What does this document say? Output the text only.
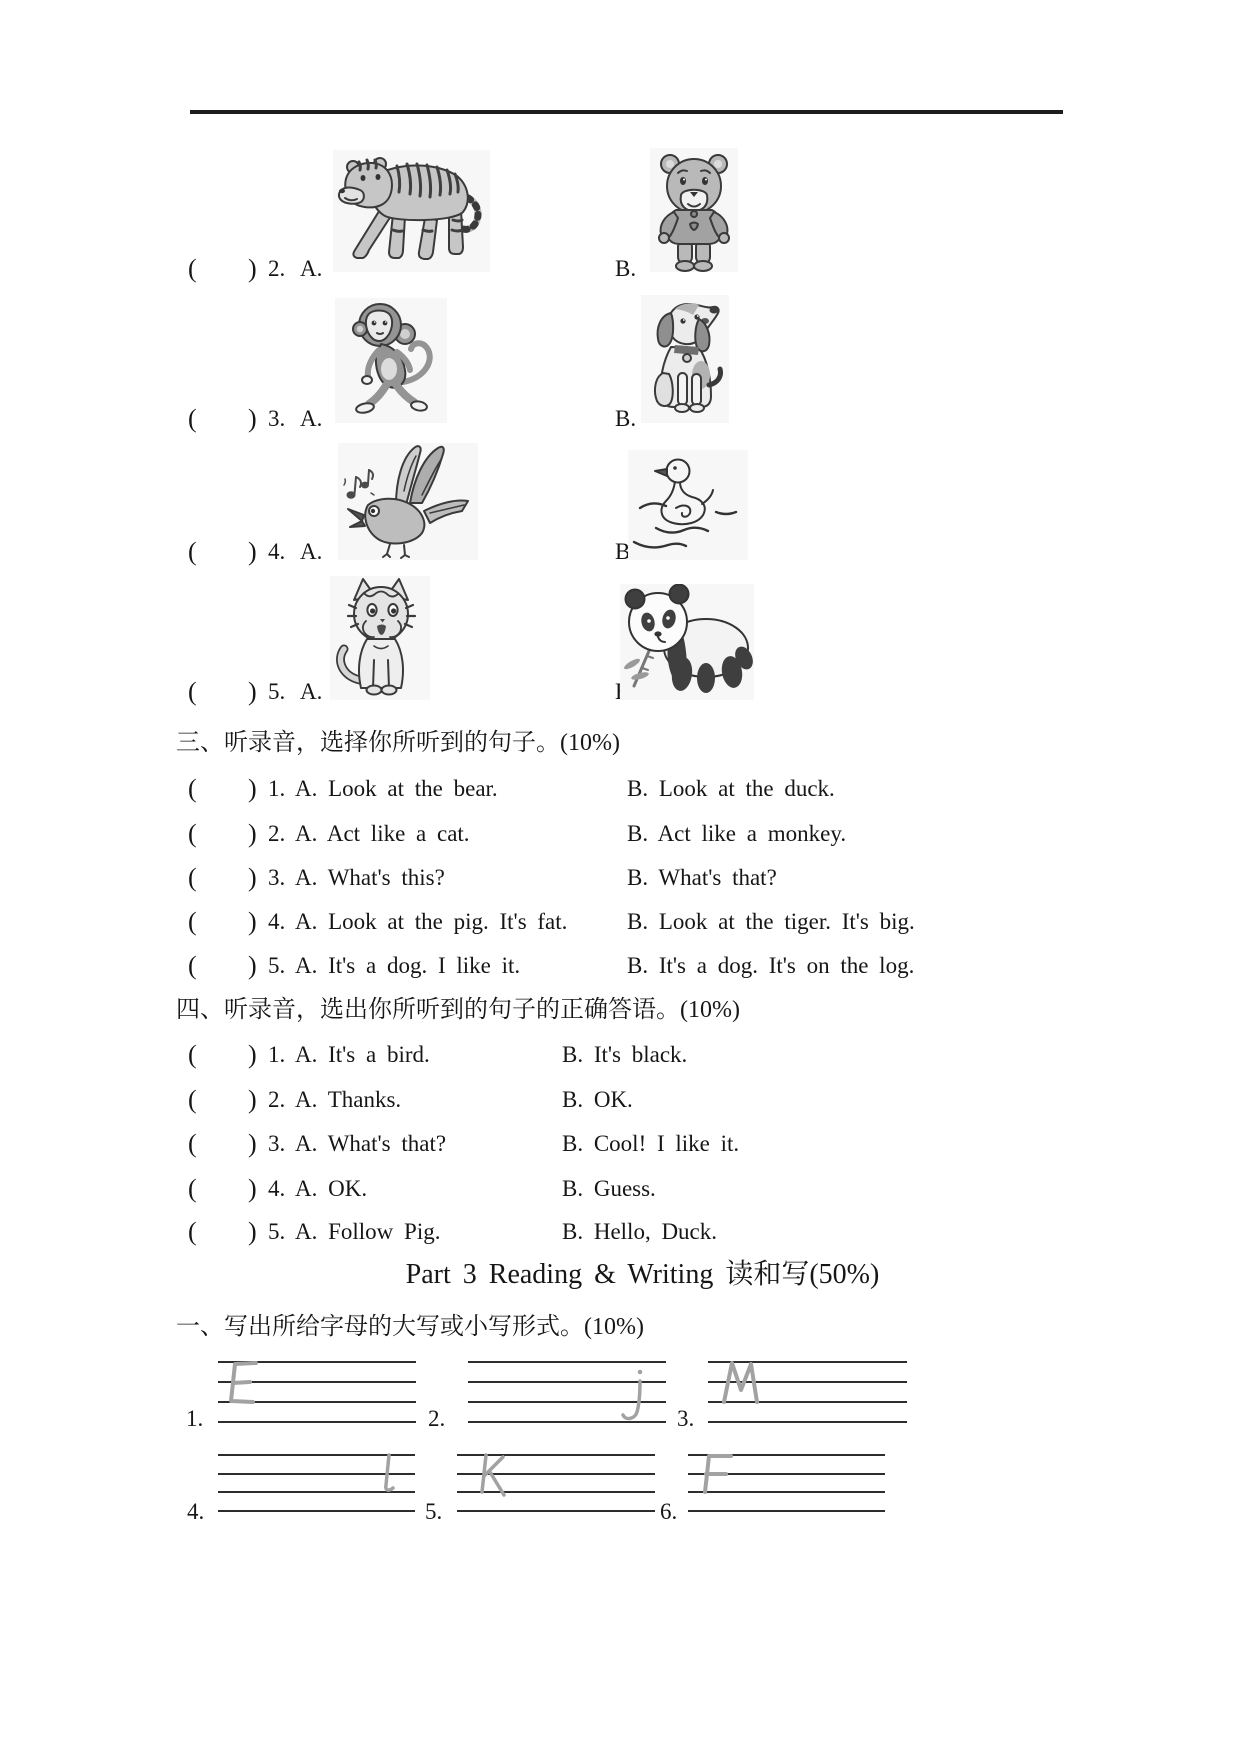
( ) 2. A.	B.
( ) 3. A.	B.
( ) 4. A.	B.
( ) 5. A.	B.
三、听录音，选择你所听到的句子。(10%)
( ) 1. A. Look at the bear.	B. Look at the duck.
( ) 2. A. Act like a cat.	B. Act like a monkey.
( ) 3. A. What's this?	B. What's that?
( ) 4. A. Look at the pig. It's fat.	B. Look at the tiger. It's big.
( ) 5. A. It's a dog. I like it.	B. It's a dog. It's on the log.
四、听录音，选出你所听到的句子的正确答语。(10%)
( ) 1. A. It's a bird.	B. It's black.
( ) 2. A. Thanks.	B. OK.
( ) 3. A. What's that?	B. Cool! I like it.
( ) 4. A. OK.	B. Guess.
( ) 5. A. Follow Pig.	B. Hello, Duck.
Part 3 Reading & Writing 读和写(50%)
一、写出所给字母的大写或小写形式。(10%)
1.	2.	3.
4.	5.	6.
